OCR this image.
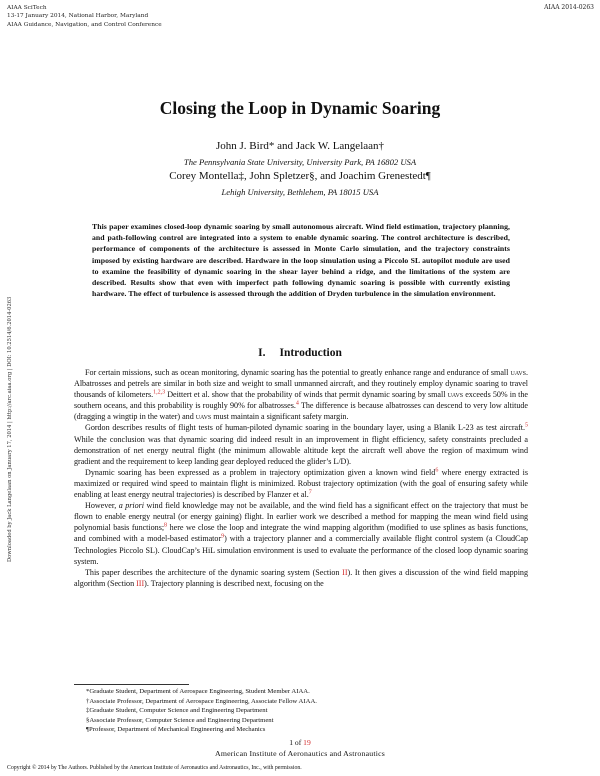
AIAA SciTech
13-17 January 2014, National Harbor, Maryland
AIAA Guidance, Navigation, and Control Conference
AIAA 2014-0263
Downloaded by Jack Langelaan on January 17, 2014 | http://arc.aiaa.org | DOI: 10.2514/6.2014-0263
Closing the Loop in Dynamic Soaring
John J. Bird* and Jack W. Langelaan†
The Pennsylvania State University, University Park, PA 16802 USA
Corey Montella‡, John Spletzer§, and Joachim Grenestedt¶
Lehigh University, Bethlehem, PA 18015 USA
This paper examines closed-loop dynamic soaring by small autonomous aircraft. Wind field estimation, trajectory planning, and path-following control are integrated into a system to enable dynamic soaring. The control architecture is described, performance of components of the architecture is assessed in Monte Carlo simulation, and the trajectory constraints imposed by existing hardware are described. Hardware in the loop simulation using a Piccolo SL autopilot module are used to examine the feasibility of dynamic soaring in the shear layer behind a ridge, and the limitations of the system are described. Results show that even with imperfect path following dynamic soaring is possible with currently existing hardware. The effect of turbulence is assessed through the addition of Dryden turbulence in the simulation environment.
I. Introduction

For certain missions, such as ocean monitoring, dynamic soaring has the potential to greatly enhance range and endurance of small uavs. Albatrosses and petrels are similar in both size and weight to small unmanned aircraft, and they routinely employ dynamic soaring to travel thousands of kilometers.$^{1,2,3}$ Deittert et al. show that the probability of winds that permit dynamic soaring by small uavs exceeds 50% in the southern oceans, and this probability is roughly 90% for albatrosses.$^4$ The difference is because albatrosses can descend to very low altitude (dragging a wingtip in the water) and uavs must maintain a significant safety margin.

Gordon describes results of flight tests of human-piloted dynamic soaring in the boundary layer, using a Blanik L-23 as test aircraft.$^5$ While the conclusion was that dynamic soaring did indeed result in an improvement in flight efficiency, safety constraints precluded a demonstration of net energy neutral flight (the minimum allowable altitude kept the aircraft well above the region of maximum wind gradient and the requirement to keep landing gear deployed reduced the glider’s L/D).

Dynamic soaring has been expressed as a problem in trajectory optimization given a known wind field$^6$ where energy extracted is maximized or required wind speed to maintain flight is minimized. Robust trajectory optimization (with the goal of ensuring safety while enabling at least energy neutral trajectories) is described by Flanzer et al.$^7$

However, a priori wind field knowledge may not be available, and the wind field has a significant effect on the trajectory that must be flown to enable energy neutral (or energy gaining) flight. In earlier work we described a method for mapping the mean wind field using polynomial basis functions;$^8$ here we close the loop and integrate the wind mapping algorithm (modified to use splines as basis functions, and combined with a model-based estimator$^9$) with a trajectory planner and a commercially available flight control system (a CloudCap Technologies Piccolo SL). CloudCap’s HiL simulation environment is used to evaluate the performance of the closed loop dynamic soaring system.

This paper describes the architecture of the dynamic soaring system (Section II). It then gives a discussion of the wind field mapping algorithm (Section III). Trajectory planning is described next, focusing on the

*Graduate Student, Department of Aerospace Engineering, Student Member AIAA.
†Associate Professor, Department of Aerospace Engineering, Associate Fellow AIAA.
‡Graduate Student, Computer Science and Engineering Department
§Associate Professor, Computer Science and Engineering Department
¶Professor, Department of Mechanical Engineering and Mechanics
1 of 19
American Institute of Aeronautics and Astronautics
Copyright © 2014 by The Authors. Published by the American Institute of Aeronautics and Astronautics, Inc., with permission.
